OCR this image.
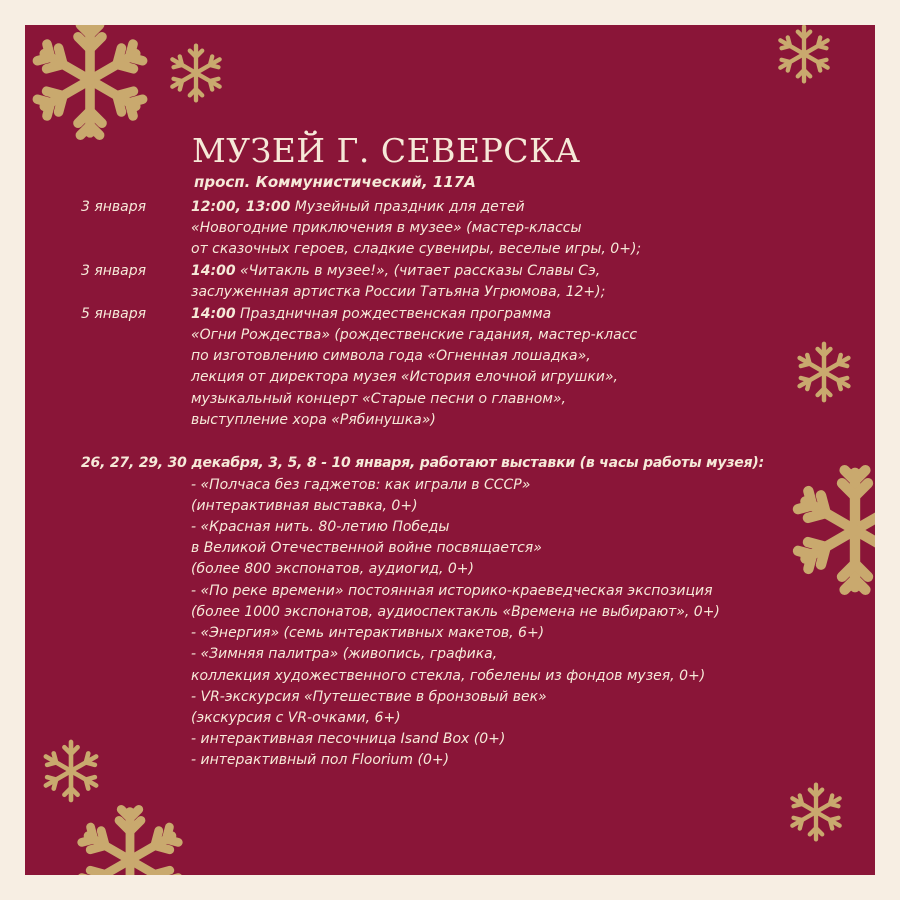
МУЗЕЙ Г. СЕВЕРСКА
просп. Коммунистический, 117А
3 января	12:00, 13:00 Музейный праздник для детей
«Новогодние приключения в музее» (мастер-классы
от сказочных героев, сладкие сувениры, веселые игры, 0+);
3 января	14:00 «Читакль в музее!», (читает рассказы Славы Сэ,
заслуженная артистка России Татьяна Угрюмова, 12+);
5 января	14:00 Праздничная рождественская программа
«Огни Рождества» (рождественские гадания, мастер-класс
по изготовлению символа года «Огненная лошадка»,
лекция от директора музея «История елочной игрушки»,
музыкальный концерт «Старые песни о главном»,
выступление хора «Рябинушка»)
26, 27, 29, 30 декабря, 3, 5, 8 - 10 января, работают выставки (в часы работы музея):
- «Полчаса без гаджетов: как играли в СССР»
(интерактивная выставка, 0+)
- «Красная нить. 80-летию Победы
в Великой Отечественной войне посвящается»
(более 800 экспонатов, аудиогид, 0+)
- «По реке времени» постоянная историко-краеведческая экспозиция
(более 1000 экспонатов, аудиоспектакль «Времена не выбирают», 0+)
- «Энергия» (семь интерактивных макетов, 6+)
- «Зимняя палитра» (живопись, графика,
коллекция художественного стекла, гобелены из фондов музея, 0+)
- VR-экскурсия «Путешествие в бронзовый век»
(экскурсия с VR-очками, 6+)
- интерактивная песочница Isand Box (0+)
- интерактивный пол Floorium (0+)
